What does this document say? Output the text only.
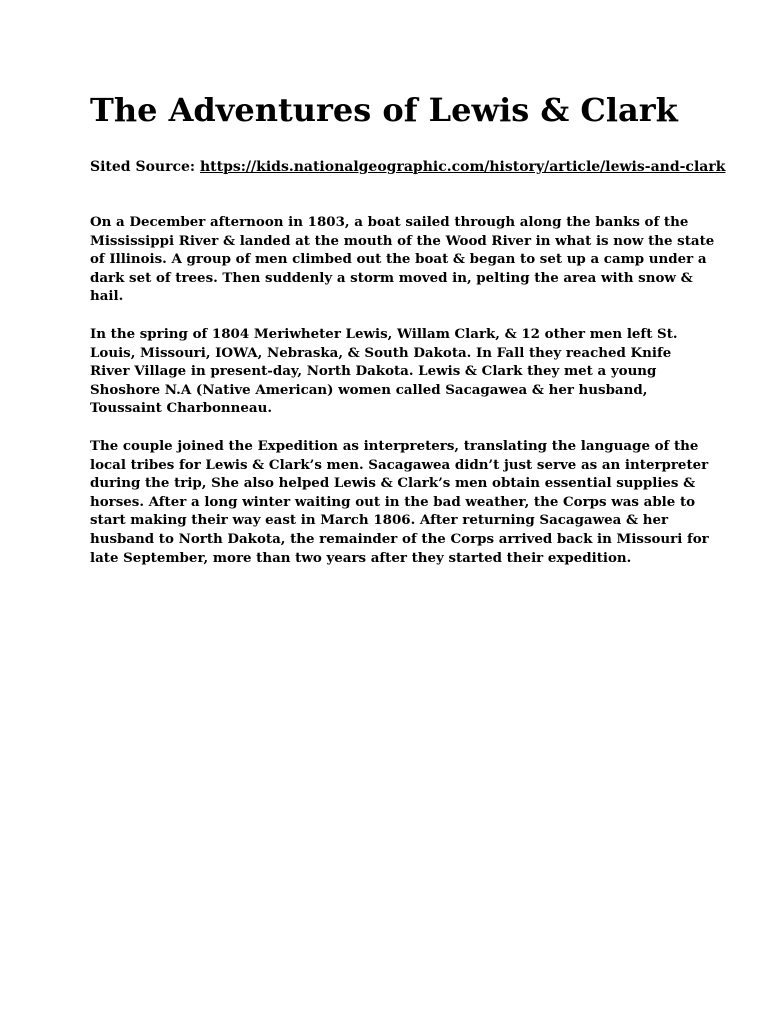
The Adventures of Lewis & Clark

Sited Source: https://kids.nationalgeographic.com/history/article/lewis-and-clark

On a December afternoon in 1803, a boat sailed through along the banks of the
Mississippi River & landed at the mouth of the Wood River in what is now the state
of Illinois. A group of men climbed out the boat & began to set up a camp under a
dark set of trees. Then suddenly a storm moved in, pelting the area with snow &
hail.

In the spring of 1804 Meriwheter Lewis, Willam Clark, & 12 other men left St.
Louis, Missouri, IOWA, Nebraska, & South Dakota. In Fall they reached Knife
River Village in present-day, North Dakota. Lewis & Clark they met a young
Shoshore N.A (Native American) women called Sacagawea & her husband,
Toussaint Charbonneau.

The couple joined the Expedition as interpreters, translating the language of the
local tribes for Lewis & Clark’s men. Sacagawea didn’t just serve as an interpreter
during the trip, She also helped Lewis & Clark’s men obtain essential supplies &
horses. After a long winter waiting out in the bad weather, the Corps was able to
start making their way east in March 1806. After returning Sacagawea & her
husband to North Dakota, the remainder of the Corps arrived back in Missouri for
late September, more than two years after they started their expedition.
